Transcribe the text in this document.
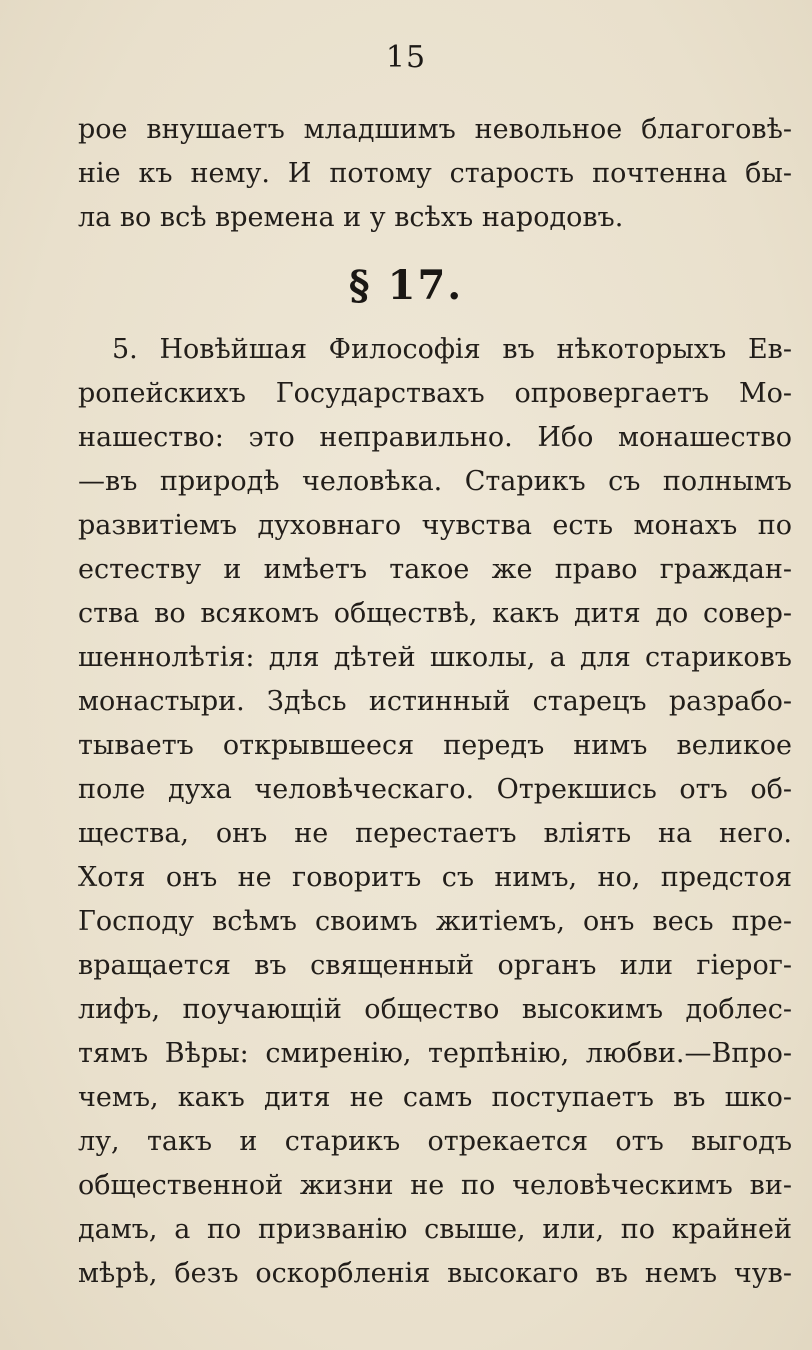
15
рое внушаетъ младшимъ невольное благоговѣ-
ніе къ нему. И потому старость почтенна бы-
ла во всѣ времена и у всѣхъ народовъ.
§ 17.
5. Новѣйшая Философія въ нѣкоторыхъ Ев-
ропейскихъ Государствахъ опровергаетъ Мо-
нашество: это неправильно. Ибо монашество
—въ природѣ человѣка. Старикъ съ полнымъ
развитіемъ духовнаго чувства есть монахъ по
естеству и имѣетъ такое же право граждан-
ства во всякомъ обществѣ, какъ дитя до совер-
шеннолѣтія: для дѣтей школы, а для стариковъ
монастыри. Здѣсь истинный старецъ разрабо-
тываетъ открывшееся передъ нимъ великое
поле духа человѣческаго. Отрекшись отъ об-
щества, онъ не перестаетъ вліять на него.
Хотя онъ не говоритъ съ нимъ, но, предстоя
Господу всѣмъ своимъ житіемъ, онъ весь пре-
вращается въ священный органъ или гіерог-
лифъ, поучающій общество высокимъ доблес-
тямъ Вѣры: смиренію, терпѣнію, любви.—Впро-
чемъ, какъ дитя не самъ поступаетъ въ шко-
лу, такъ и старикъ отрекается отъ выгодъ
общественной жизни не по человѣческимъ ви-
дамъ, а по призванію свыше, или, по крайней
мѣрѣ, безъ оскорбленія высокаго въ немъ чув-
